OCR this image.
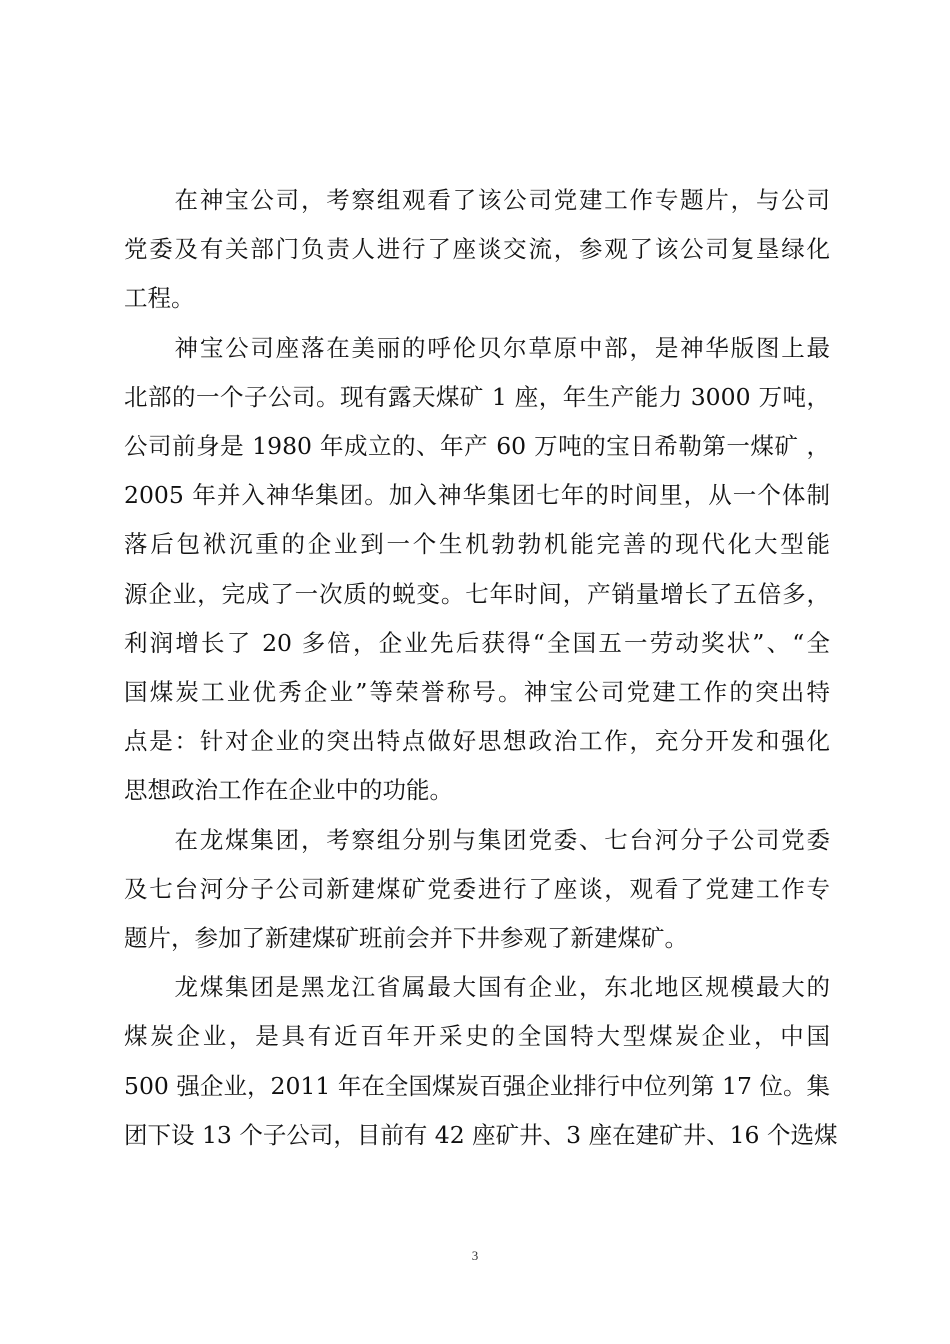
　　在神宝公司，考察组观看了该公司党建工作专题片，与公司
党委及有关部门负责人进行了座谈交流，参观了该公司复垦绿化
工程。

　　神宝公司座落在美丽的呼伦贝尔草原中部，是神华版图上最
北部的一个子公司。现有露天煤矿 1 座，年生产能力 3000 万吨，
公司前身是 1980 年成立的、年产 60 万吨的宝日希勒第一煤矿 ，
2005 年并入神华集团。加入神华集团七年的时间里，从一个体制
落后包袱沉重的企业到一个生机勃勃机能完善的现代化大型能
源企业，完成了一次质的蜕变。七年时间，产销量增长了五倍多，
利润增长了 20 多倍，企业先后获得“全国五一劳动奖状”、“全
国煤炭工业优秀企业”等荣誉称号。神宝公司党建工作的突出特
点是：针对企业的突出特点做好思想政治工作，充分开发和强化
思想政治工作在企业中的功能。

　　在龙煤集团，考察组分别与集团党委、七台河分子公司党委
及七台河分子公司新建煤矿党委进行了座谈，观看了党建工作专
题片，参加了新建煤矿班前会并下井参观了新建煤矿。

　　龙煤集团是黑龙江省属最大国有企业，东北地区规模最大的
煤炭企业，是具有近百年开采史的全国特大型煤炭企业，中国
500 强企业，2011 年在全国煤炭百强企业排行中位列第 17 位。集
团下设 13 个子公司，目前有 42 座矿井、3 座在建矿井、16 个选煤

3
